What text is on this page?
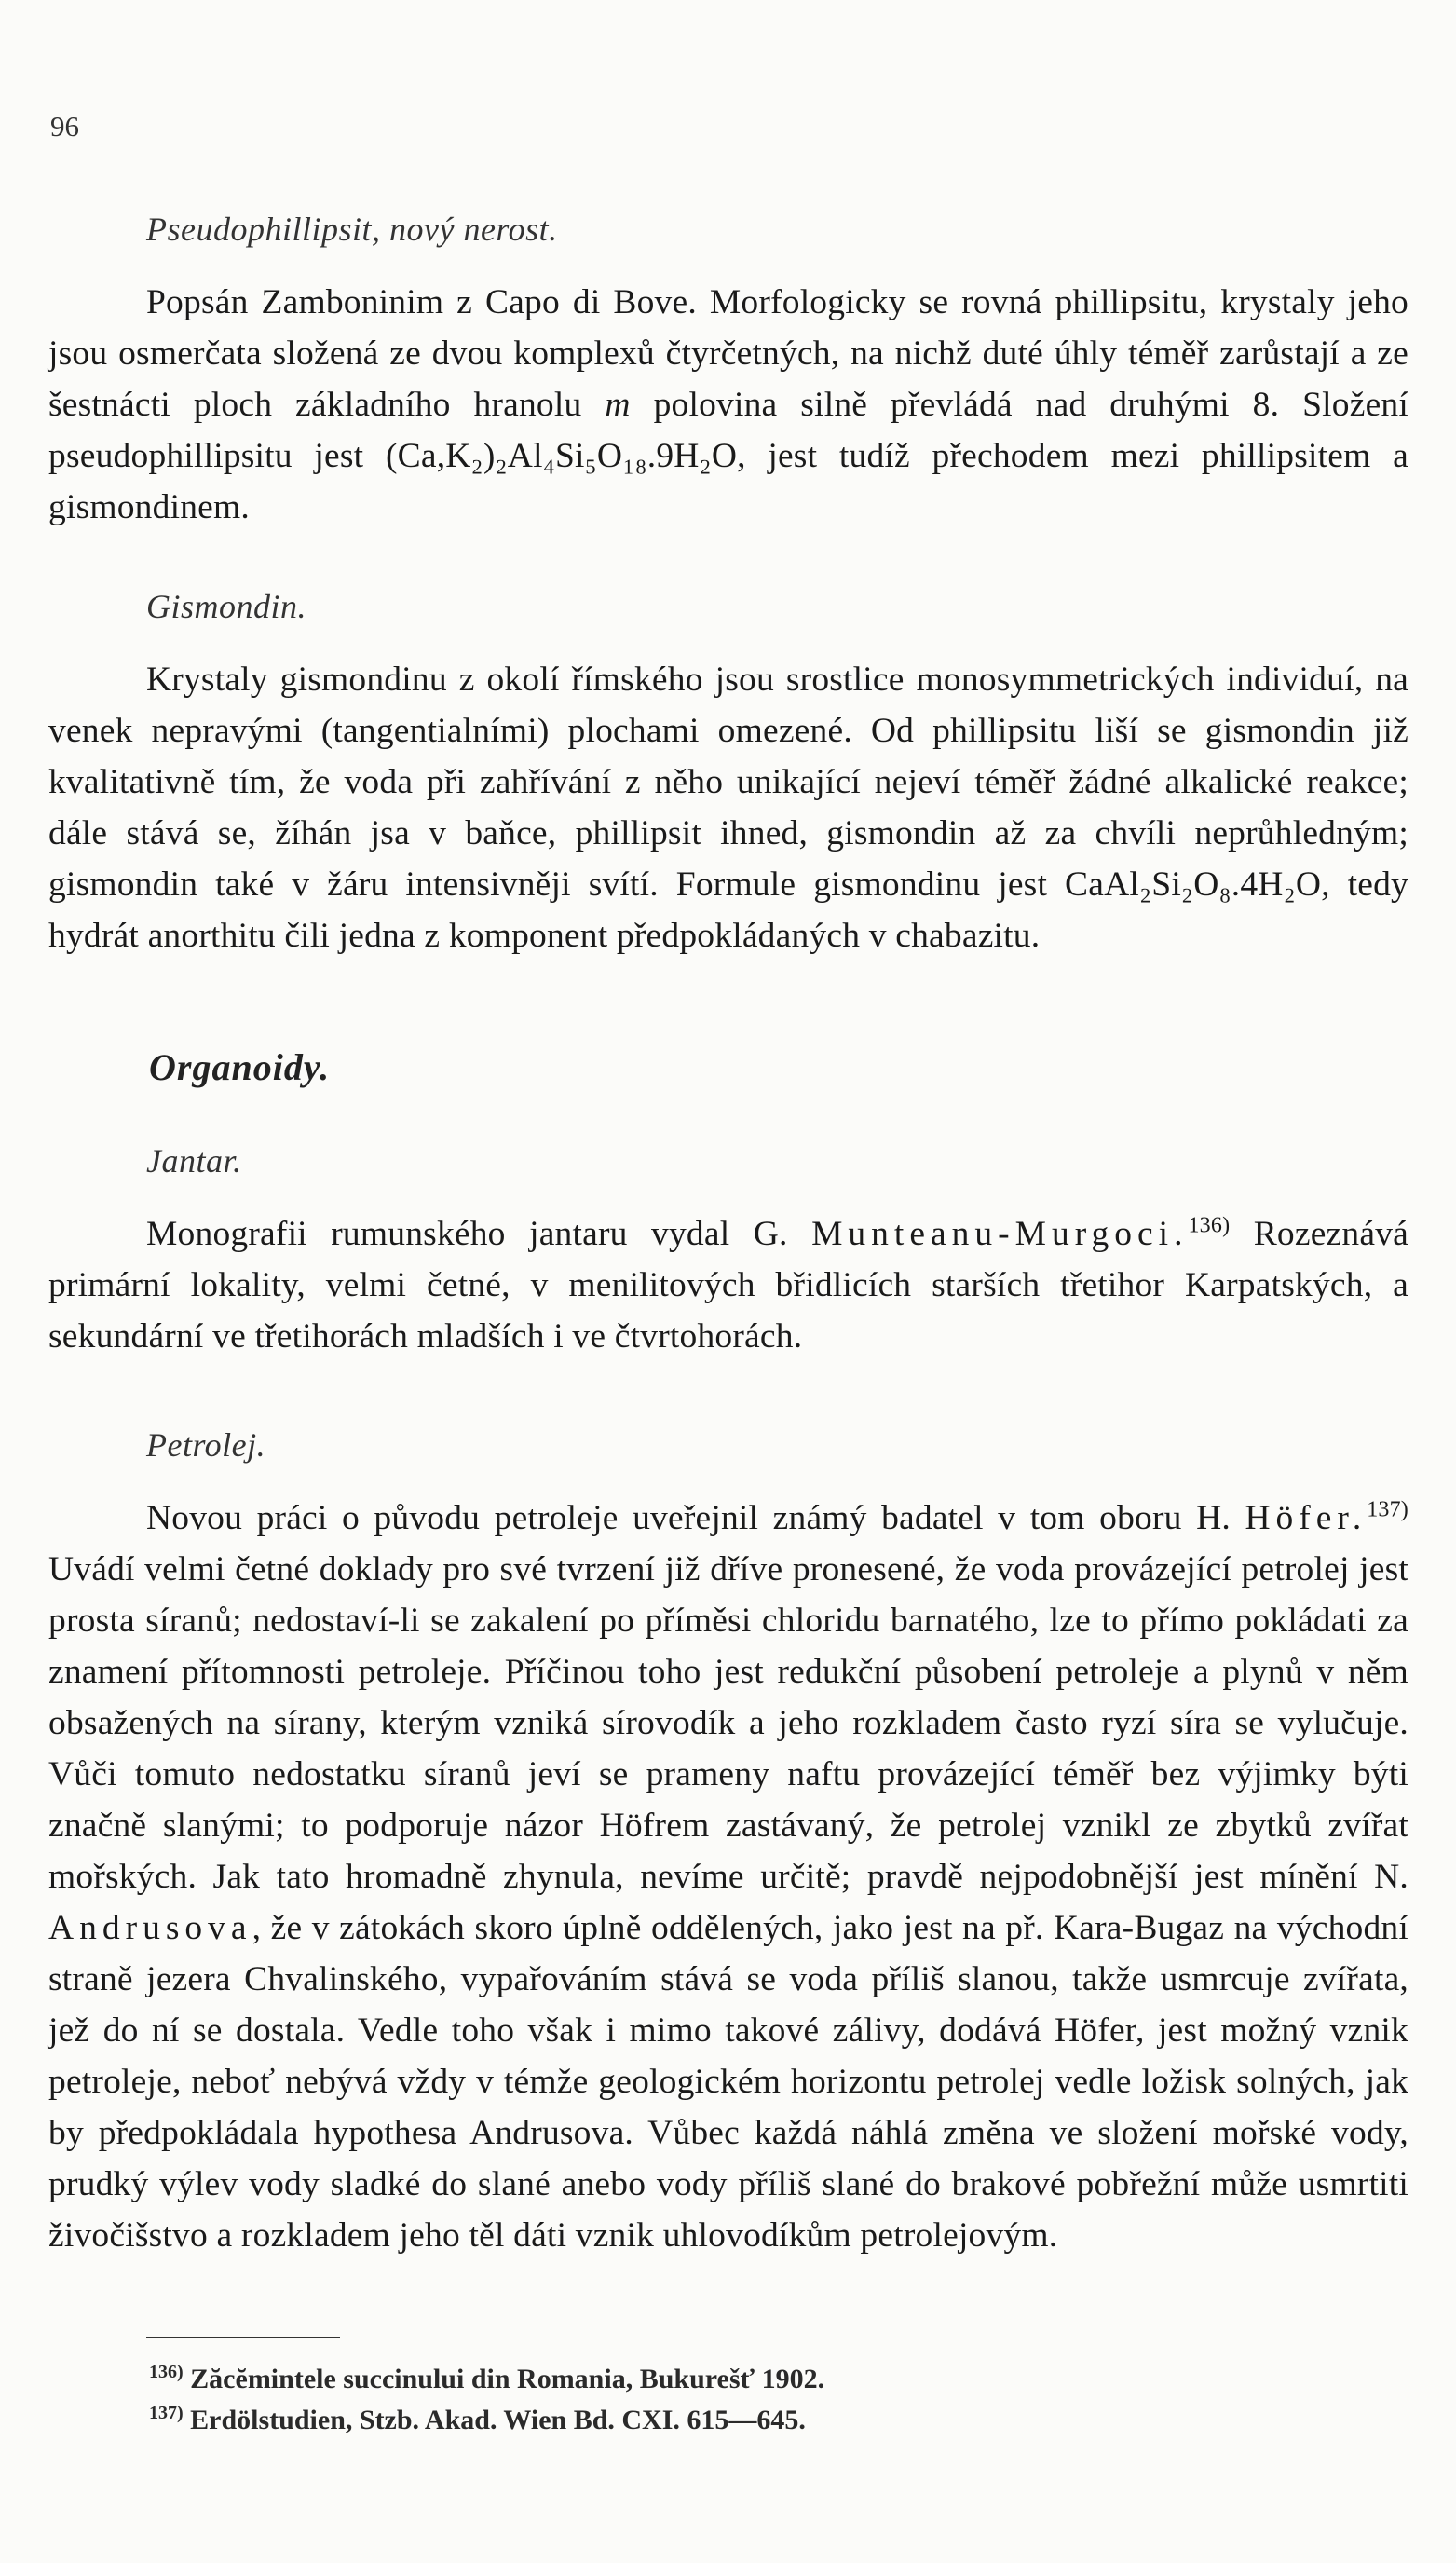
96
Pseudophillipsit, nový nerost.

Popsán Zamboninim z Capo di Bove. Morfologicky se rovná phillipsitu, krystaly jeho jsou osmerčata složená ze dvou komplexů čtyrčetných, na nichž duté úhly téměř zarůstají a ze šestnácti ploch základního hranolu m polovina silně převládá nad druhými 8. Složení pseudophillipsitu jest (Ca,K₂)₂Al₄Si₅O₁₈.9H₂O, jest tudíž přechodem mezi phillipsitem a gismondinem.

Gismondin.

Krystaly gismondinu z okolí římského jsou srostlice monosymmetrických individuí, na venek nepravými (tangentialními) plochami omezené. Od phillipsitu liší se gismondin již kvalitativně tím, že voda při zahřívání z něho unikající nejeví téměř žádné alkalické reakce; dále stává se, žíhán jsa v baňce, phillipsit ihned, gismondin až za chvíli neprůhledným; gismondin také v žáru intensivněji svítí. Formule gismondinu jest CaAl₂Si₂O₈.4H₂O, tedy hydrát anorthitu čili jedna z komponent předpokládaných v chabazitu.

Organoidy.
Jantar.

Monografii rumunského jantaru vydal G. Munteanu-Murgoci.$^{136)}$ Rozeznává primární lokality, velmi četné, v menilitových břidlicích starších třetihor Karpatských, a sekundární ve třetihorách mladších i ve čtvrtohorách.

Petrolej.

Novou práci o původu petroleje uveřejnil známý badatel v tom oboru H. Höfer.$^{137)}$ Uvádí velmi četné doklady pro své tvrzení již dříve pronesené, že voda provázející petrolej jest prosta síranů; nedostaví-li se zakalení po příměsi chloridu barnatého, lze to přímo pokládati za znamení přítomnosti petroleje. Příčinou toho jest redukční působení petroleje a plynů v něm obsažených na sírany, kterým vzniká sírovodík a jeho rozkladem často ryzí síra se vylučuje. Vůči tomuto nedostatku síranů jeví se prameny naftu provázející téměř bez výjimky býti značně slanými; to podporuje názor Höfrem zastávaný, že petrolej vznikl ze zbytků zvířat mořských. Jak tato hromadně zhynula, nevíme určitě; pravdě nejpodobnější jest mínění N. Andrusova, že v zátokách skoro úplně oddělených, jako jest na př. Kara-Bugaz na východní straně jezera Chvalinského, vypařováním stává se voda příliš slanou, takže usmrcuje zvířata, jež do ní se dostala. Vedle toho však i mimo takové zálivy, dodává Höfer, jest možný vznik petroleje, neboť nebývá vždy v témže geologickém horizontu petrolej vedle ložisk solných, jak by předpokládala hypothesa Andrusova. Vůbec každá náhlá změna ve složení mořské vody, prudký výlev vody sladké do slané anebo vody příliš slané do brakové pobřežní může usmrtiti živočišstvo a rozkladem jeho těl dáti vznik uhlovodíkům petrolejovým.

$^{136)}$ Zăcĕmintele succinului din Romania, Bukurešť 1902.

$^{137)}$ Erdölstudien, Stzb. Akad. Wien Bd. CXI. 615—645.
